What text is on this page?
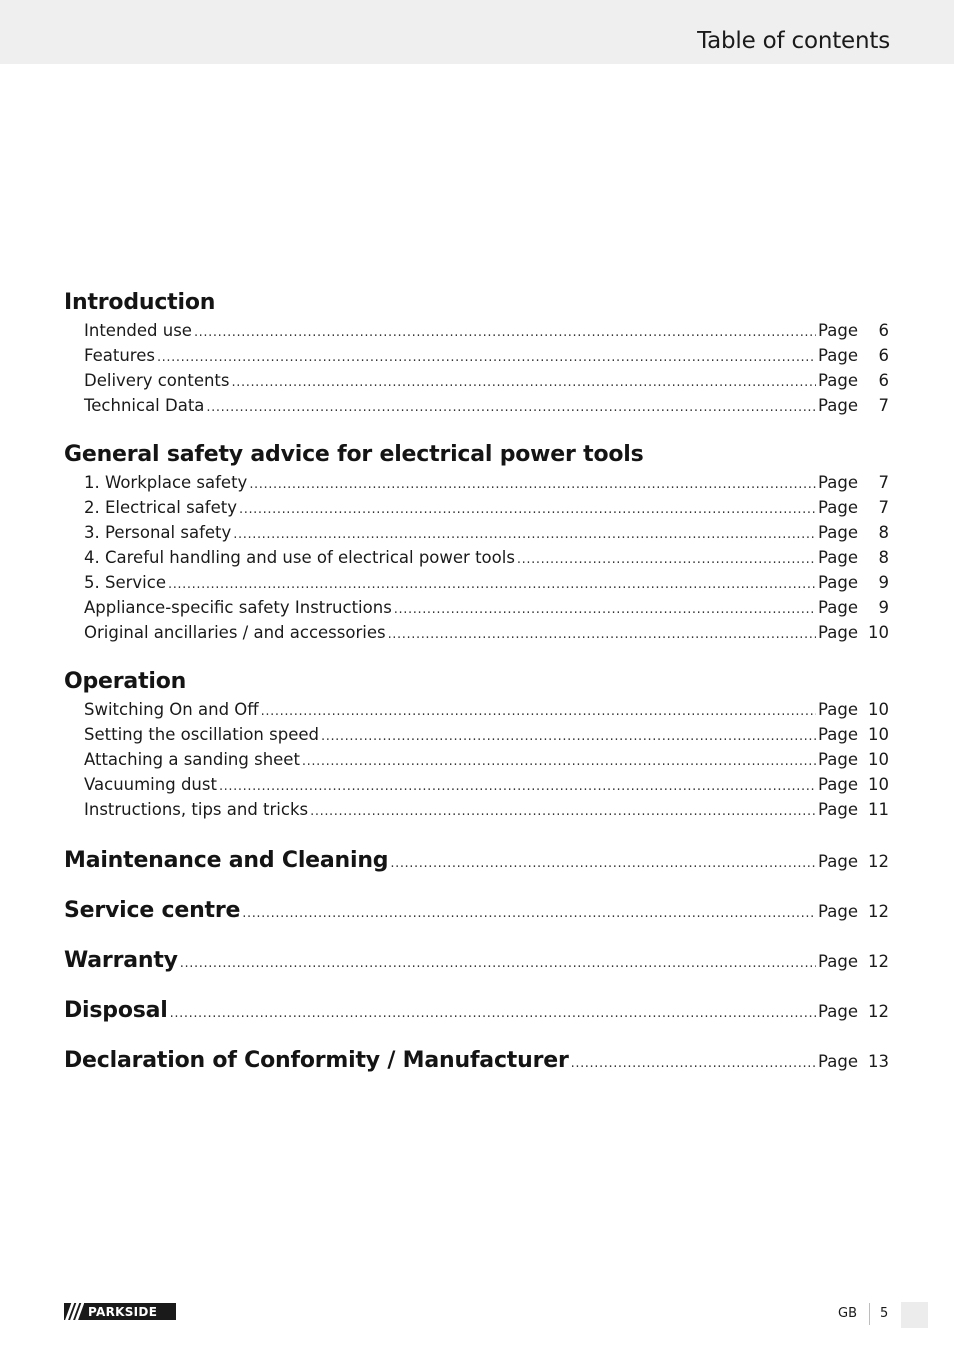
Table of contents
Introduction
Intended use .....	Page	6
Features .....	Page	6
Delivery contents .....	Page	6
Technical Data .....	Page	7
General safety advice for electrical power tools
1. Workplace safety .....	Page	7
2. Electrical safety .....	Page	7
3. Personal safety .....	Page	8
4. Careful handling and use of electrical power tools .....	Page	8
5. Service .....	Page	9
Appliance-specific safety Instructions .....	Page	9
Original ancillaries / and accessories .....	Page 10
Operation
Switching On and Off .....	Page 10
Setting the oscillation speed .....	Page 10
Attaching a sanding sheet .....	Page 10
Vacuuming dust .....	Page 10
Instructions, tips and tricks .....	Page 11
Maintenance and Cleaning .....	Page 12
Service centre .....	Page 12
Warranty .....	Page 12
Disposal .....	Page 12
Declaration of Conformity / Manufacturer .....	Page 13
PARKSIDE	GB 5
